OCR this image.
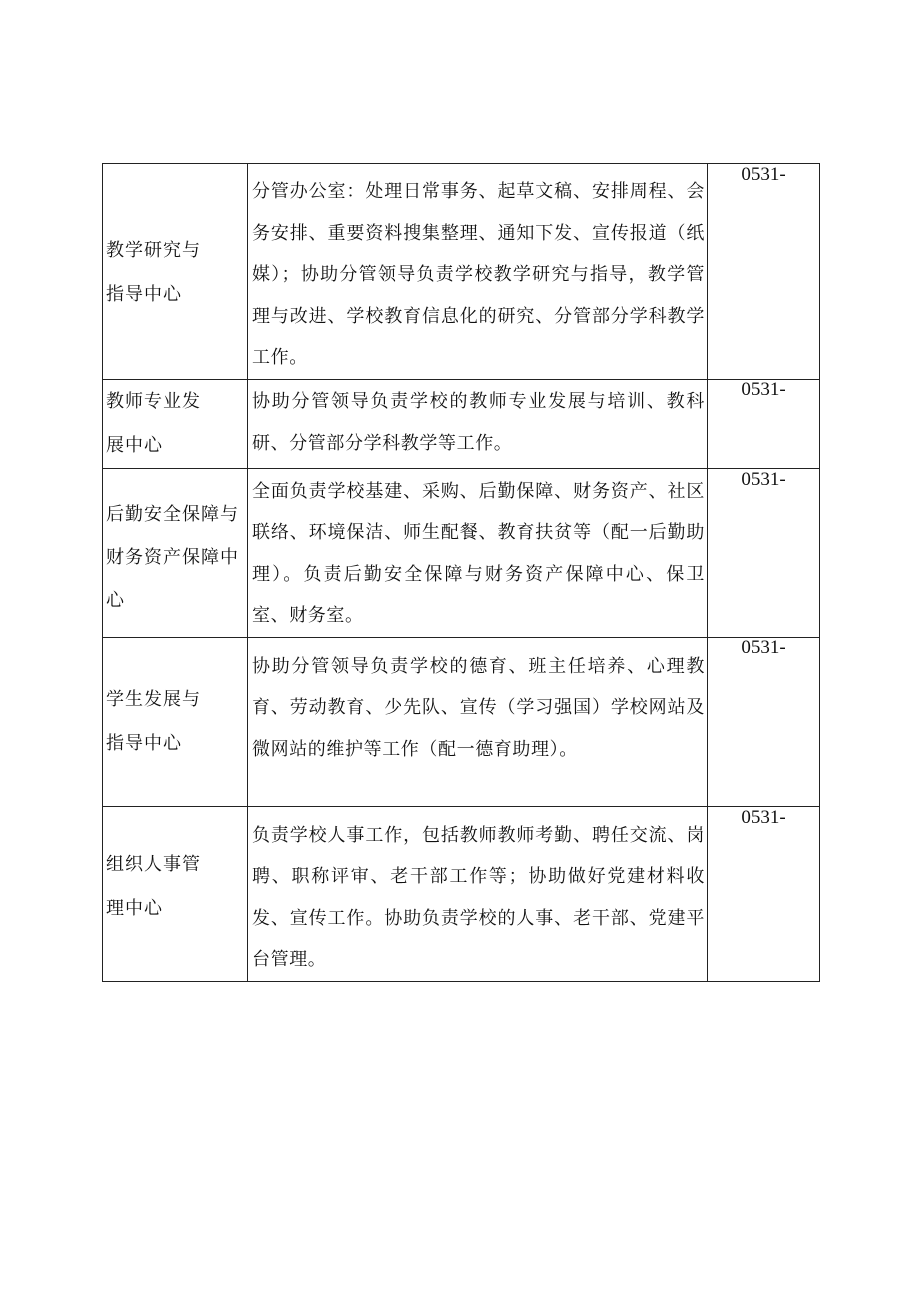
教学研究与指导中心	分管办公室：处理日常事务、起草文稿、安排周程、会务安排、重要资料搜集整理、通知下发、宣传报道（纸媒）；协助分管领导负责学校教学研究与指导，教学管理与改进、学校教育信息化的研究、分管部分学科教学工作。	0531-

教师专业发展中心	协助分管领导负责学校的教师专业发展与培训、教科研、分管部分学科教学等工作。	0531-

后勤安全保障与财务资产保障中心	全面负责学校基建、采购、后勤保障、财务资产、社区联络、环境保洁、师生配餐、教育扶贫等（配一后勤助理）。负责后勤安全保障与财务资产保障中心、保卫室、财务室。	0531-

学生发展与指导中心	协助分管领导负责学校的德育、班主任培养、心理教育、劳动教育、少先队、宣传（学习强国）学校网站及微网站的维护等工作（配一德育助理）。	0531-

组织人事管理中心	负责学校人事工作，包括教师教师考勤、聘任交流、岗聘、职称评审、老干部工作等；协助做好党建材料收发、宣传工作。协助负责学校的人事、老干部、党建平台管理。	0531-
